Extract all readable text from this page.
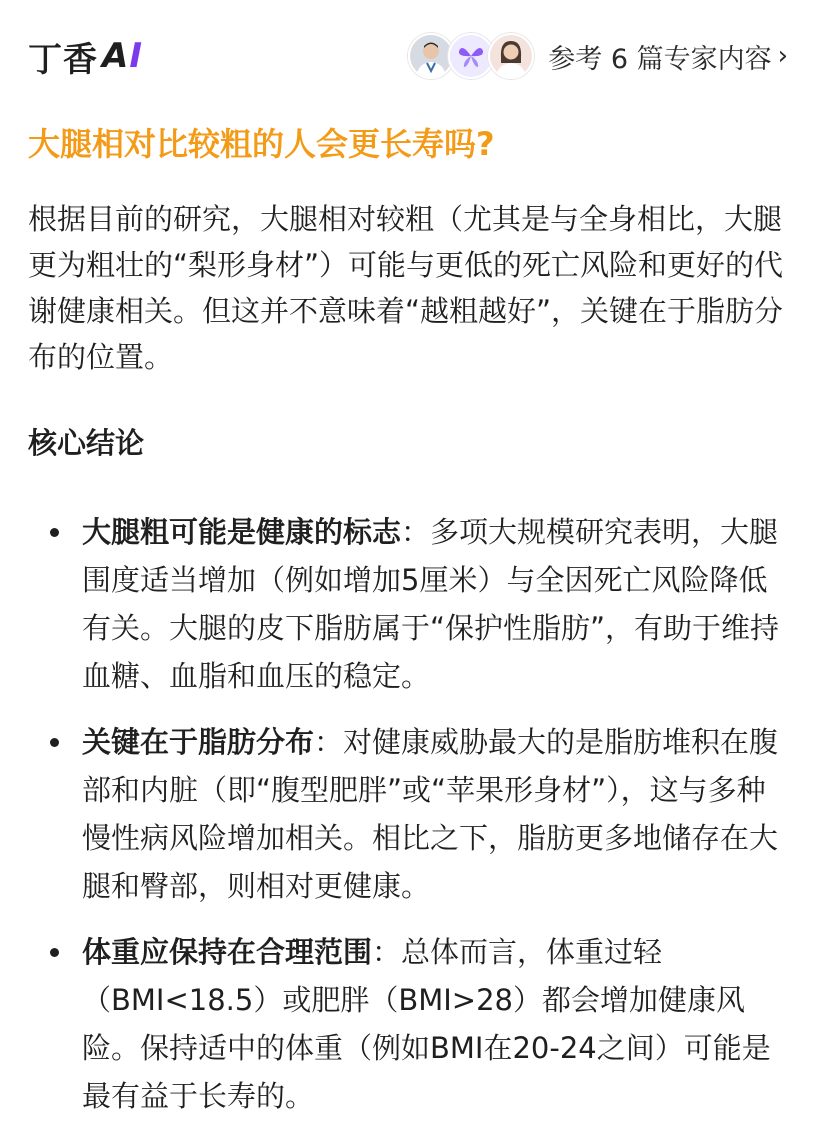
丁香 A I	参考 6 篇专家内容 ›
大腿相对比较粗的人会更长寿吗?
根据目前的研究，大腿相对较粗（尤其是与全身相比，大腿更为粗壮的“梨形身材”）可能与更低的死亡风险和更好的代谢健康相关。但这并不意味着“越粗越好”，关键在于脂肪分布的位置。
核心结论
大腿粗可能是健康的标志：多项大规模研究表明，大腿围度适当增加（例如增加5厘米）与全因死亡风险降低有关。大腿的皮下脂肪属于“保护性脂肪”，有助于维持血糖、血脂和血压的稳定。
关键在于脂肪分布：对健康威胁最大的是脂肪堆积在腹部和内脏（即“腹型肥胖”或“苹果形身材”），这与多种慢性病风险增加相关。相比之下，脂肪更多地储存在大腿和臀部，则相对更健康。
体重应保持在合理范围：总体而言，体重过轻（BMI<18.5）或肥胖（BMI>28）都会增加健康风险。保持适中的体重（例如BMI在20-24之间）可能是最有益于长寿的。
